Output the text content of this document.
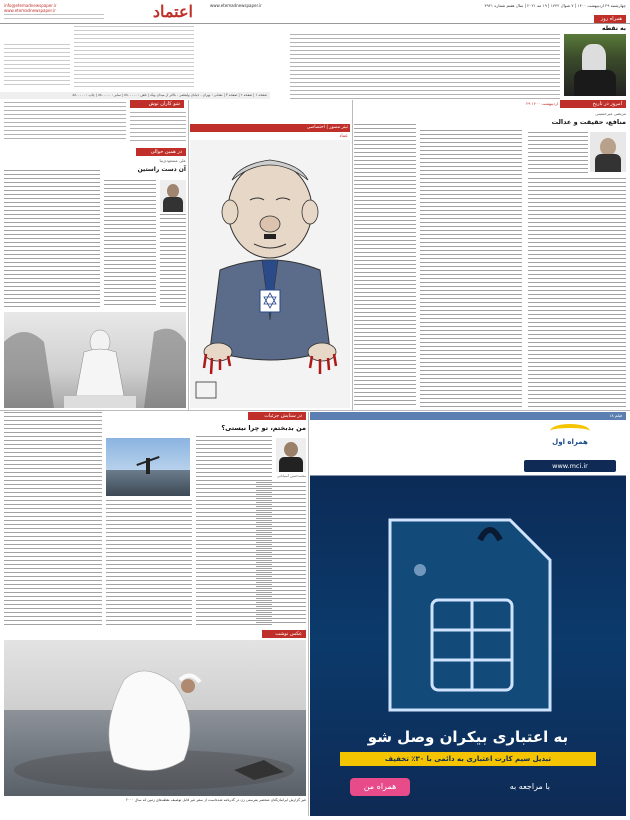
اعتماد
info@etemadnewspaper.ir
www.etemadnewspaper.ir
چهارشنبه ۲۹ اردیبهشت ۱۴۰۰ | ۷ شوال ۱۴۴۲ | ۱۹ مه ۲۰۲۱ | سال هفتم شماره ۴۹۲۱
www.etemadnewspaper.ir
صفحه ۱ | صفحه ۲ | صفحه ۳ | نشانی : تهران - خیابان ولیعصر - بالاتر از میدان ونک | تلفن : ۸۸۰۰۰۰۰ | نمابر : ۸۸۰۰۰۰۰ | چاپ : ۸۸۰۰۰۰۰
همراه روز
به نقطه
امروز در تاریخ
۲۹ اردیبهشت ۱۴۰۰
مرتضی میرحسینی
منافع، حقیقت و عدالت
تیتر مصور | اختصاصی
عماد
شو کاران توش
در همین حوالی
علی مسعودی‌نیا
آن دست راستین
۱۸ فیلم
همراه اول
www.mci.ir
به اعتباری بیکران وصل شو
تبدیل سیم کارت اعتباری به دائمی با ۳۰٪ تخفیف
با مراجعه به
همراه من
در ستایش جزئیات
من بدبختم، تو چرا نیستی؟
محمد‌حسن آسیابانی
عکس نوشت
غیر گزارش ایرانیان‌گتان منحصر بفرستی زن در گذرنامه شده‌است از سفر غیر قابل‌ توصیف نقطه‌های زمین که سال ۲۰۰۰
